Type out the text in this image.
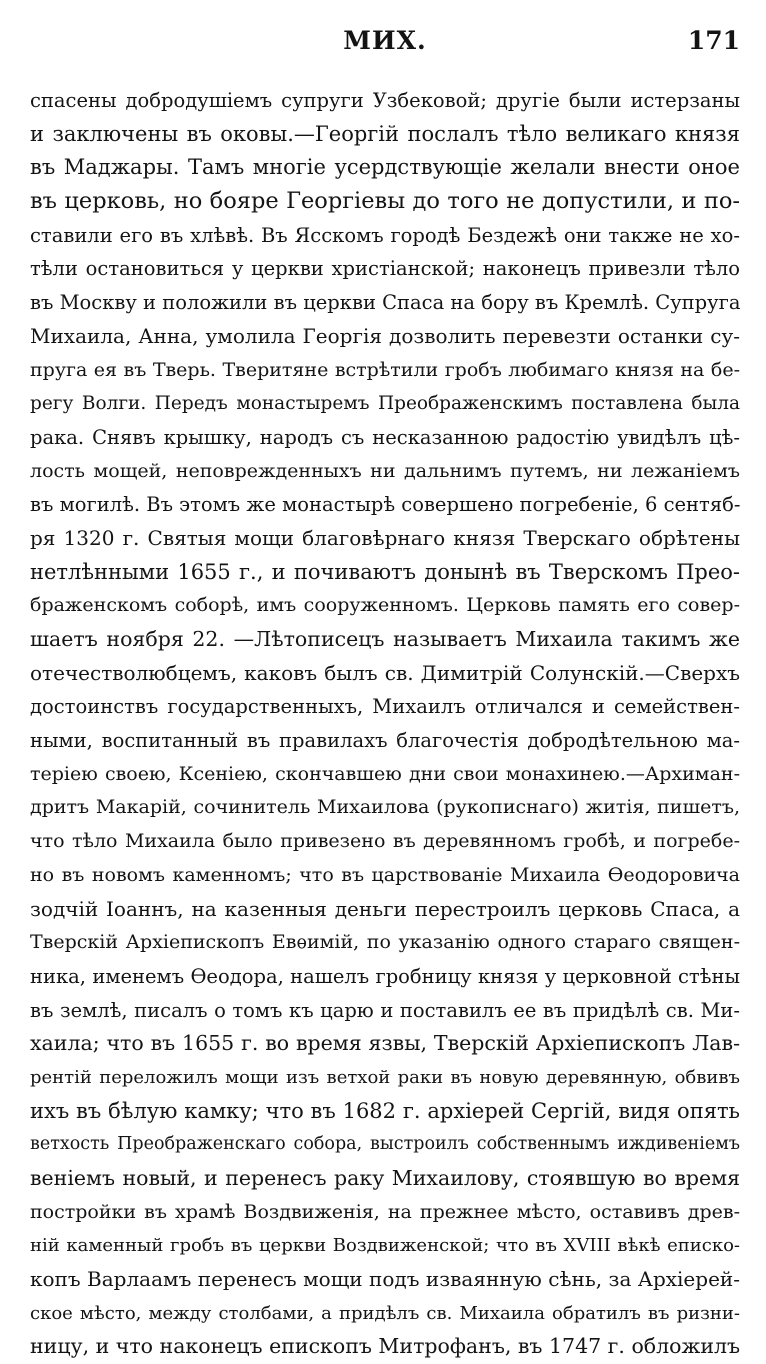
МИХ.	171
спасены добродушіемъ супруги Узбековой; другіе были истерзаны
и заключены въ оковы.—Георгій послалъ тѣло великаго князя
въ Маджары. Тамъ многіе усердствующіе желали внести оное
въ церковь, но бояре Георгіевы до того не допустили, и по-
ставили его въ хлѣвѣ. Въ Ясскомъ городѣ Бездежѣ они также не хо-
тѣли остановиться у церкви христіанской; наконецъ привезли тѣло
въ Москву и положили въ церкви Спаса на бору въ Кремлѣ. Супруга
Михаила, Анна, умолила Георгія дозволить перевезти останки су-
пруга ея въ Тверь. Тверитяне встрѣтили гробъ любимаго князя на бе-
регу Волги. Передъ монастыремъ Преображенскимъ поставлена была
рака. Снявъ крышку, народъ съ несказанною радостію увидѣлъ цѣ-
лость мощей, неповрежденныхъ ни дальнимъ путемъ, ни лежаніемъ
въ могилѣ. Въ этомъ же монастырѣ совершено погребеніе, 6 сентяб-
ря 1320 г. Святыя мощи благовѣрнаго князя Тверскаго обрѣтены
нетлѣнными 1655 г., и почиваютъ донынѣ въ Тверскомъ Прео-
браженскомъ соборѣ, имъ сооруженномъ. Церковь память его совер-
шаетъ ноября 22. —Лѣтописецъ называетъ Михаила такимъ же
отечестволюбцемъ, каковъ былъ св. Димитрій Солунскій.—Сверхъ
достоинствъ государственныхъ, Михаилъ отличался и семействен-
ными, воспитанный въ правилахъ благочестія добродѣтельною ма-
теріею своею, Ксеніею, скончавшею дни свои монахинею.—Архиман-
дритъ Макарій, сочинитель Михаилова (рукописнаго) житія, пишетъ,
что тѣло Михаила было привезено въ деревянномъ гробѣ, и погребе-
но въ новомъ каменномъ; что въ царствованіе Михаила Ѳеодоровича
зодчій Іоаннъ, на казенныя деньги перестроилъ церковь Спаса, а
Тверскій Архіепископъ Евѳимій, по указанію одного стараго священ-
ника, именемъ Ѳеодора, нашелъ гробницу князя у церковной стѣны
въ землѣ, писалъ о томъ къ царю и поставилъ ее въ придѣлѣ св. Ми-
хаила; что въ 1655 г. во время язвы, Тверскій Архіепископъ Лав-
рентій переложилъ мощи изъ ветхой раки въ новую деревянную, обвивъ
ихъ въ бѣлую камку; что въ 1682 г. архіерей Сергій, видя опять
ветхость Преображенскаго собора, выстроилъ собственнымъ иждивеніемъ
веніемъ новый, и перенесъ раку Михаилову, стоявшую во время
постройки въ храмѣ Воздвиженія, на прежнее мѣсто, оставивъ древ-
ній каменный гробъ въ церкви Воздвиженской; что въ XVIII вѣкѣ еписко-
копъ Варлаамъ перенесъ мощи подъ изваянную сѣнь, за Архіерей-
ское мѣсто, между столбами, а придѣлъ св. Михаила обратилъ въ ризни-
ницу, и что наконецъ епископъ Митрофанъ, въ 1747 г. обложилъ
